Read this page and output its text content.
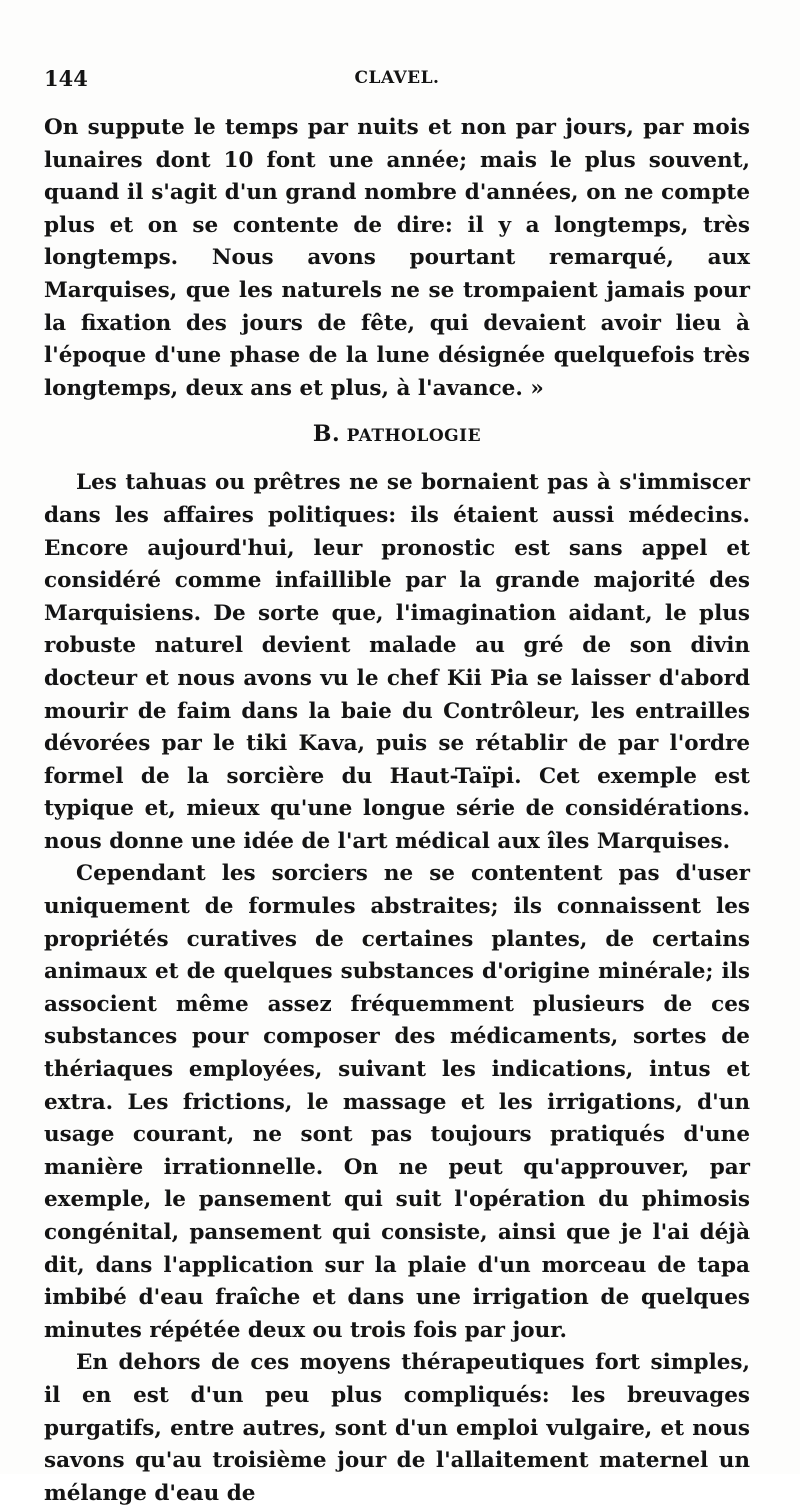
144	CLAVEL.

On suppute le temps par nuits et non par jours, par mois lunaires dont 10 font une année; mais le plus souvent, quand il s'agit d'un grand nombre d'années, on ne compte plus et on se contente de dire: il y a longtemps, très longtemps. Nous avons pourtant remarqué, aux Marquises, que les naturels ne se trompaient jamais pour la fixation des jours de fête, qui devaient avoir lieu à l'époque d'une phase de la lune désignée quelquefois très longtemps, deux ans et plus, à l'avance. »

B. PATHOLOGIE

Les tahuas ou prêtres ne se bornaient pas à s'immiscer dans les affaires politiques: ils étaient aussi médecins. Encore aujourd'hui, leur pronostic est sans appel et considéré comme infaillible par la grande majorité des Marquisiens. De sorte que, l'imagination aidant, le plus robuste naturel devient malade au gré de son divin docteur et nous avons vu le chef Kii Pia se laisser d'abord mourir de faim dans la baie du Contrôleur, les entrailles dévorées par le tiki Kava, puis se rétablir de par l'ordre formel de la sorcière du Haut-Taïpi. Cet exemple est typique et, mieux qu'une longue série de considérations. nous donne une idée de l'art médical aux îles Marquises.

Cependant les sorciers ne se contentent pas d'user uniquement de formules abstraites; ils connaissent les propriétés curatives de certaines plantes, de certains animaux et de quelques substances d'origine minérale; ils associent même assez fréquemment plusieurs de ces substances pour composer des médicaments, sortes de thériaques employées, suivant les indications, intus et extra. Les frictions, le massage et les irrigations, d'un usage courant, ne sont pas toujours pratiqués d'une manière irrationnelle. On ne peut qu'approuver, par exemple, le pansement qui suit l'opération du phimosis congénital, pansement qui consiste, ainsi que je l'ai déjà dit, dans l'application sur la plaie d'un morceau de tapa imbibé d'eau fraîche et dans une irrigation de quelques minutes répétée deux ou trois fois par jour.

En dehors de ces moyens thérapeutiques fort simples, il en est d'un peu plus compliqués: les breuvages purgatifs, entre autres, sont d'un emploi vulgaire, et nous savons qu'au troisième jour de l'allaitement maternel un mélange d'eau de
